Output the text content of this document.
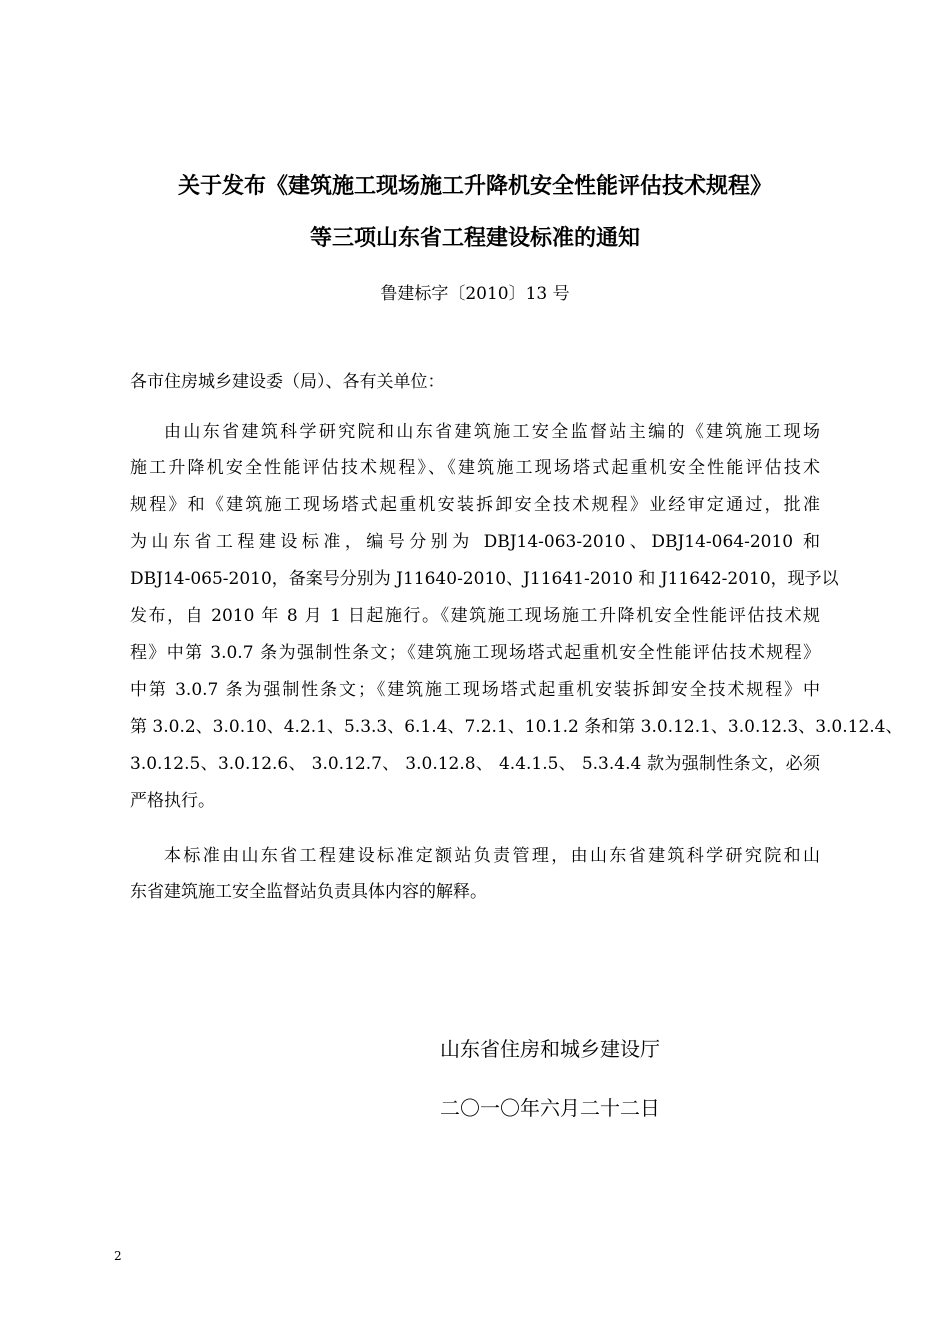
关于发布《建筑施工现场施工升降机安全性能评估技术规程》
等三项山东省工程建设标准的通知
鲁建标字〔2010〕13 号
各市住房城乡建设委（局）、各有关单位：
由山东省建筑科学研究院和山东省建筑施工安全监督站主编的《建筑施工现场
施工升降机安全性能评估技术规程》、《建筑施工现场塔式起重机安全性能评估技术
规程》和《建筑施工现场塔式起重机安装拆卸安全技术规程》业经审定通过，批准
为山东省工程建设标准，编号分别为 DBJ14-063-2010、DBJ14-064-2010 和
DBJ14-065-2010，备案号分别为 J11640-2010、J11641-2010 和 J11642-2010，现予以
发布，自 2010 年 8 月 1 日起施行。《建筑施工现场施工升降机安全性能评估技术规
程》中第 3.0.7 条为强制性条文；《建筑施工现场塔式起重机安全性能评估技术规程》
中第 3.0.7 条为强制性条文；《建筑施工现场塔式起重机安装拆卸安全技术规程》中
第 3.0.2、3.0.10、4.2.1、5.3.3、6.1.4、7.2.1、10.1.2 条和第 3.0.12.1、3.0.12.3、3.0.12.4、
3.0.12.5、3.0.12.6、 3.0.12.7、 3.0.12.8、 4.4.1.5、 5.3.4.4 款为强制性条文，必须
严格执行。
本标准由山东省工程建设标准定额站负责管理，由山东省建筑科学研究院和山
东省建筑施工安全监督站负责具体内容的解释。
山东省住房和城乡建设厅
二〇一〇年六月二十二日
2
